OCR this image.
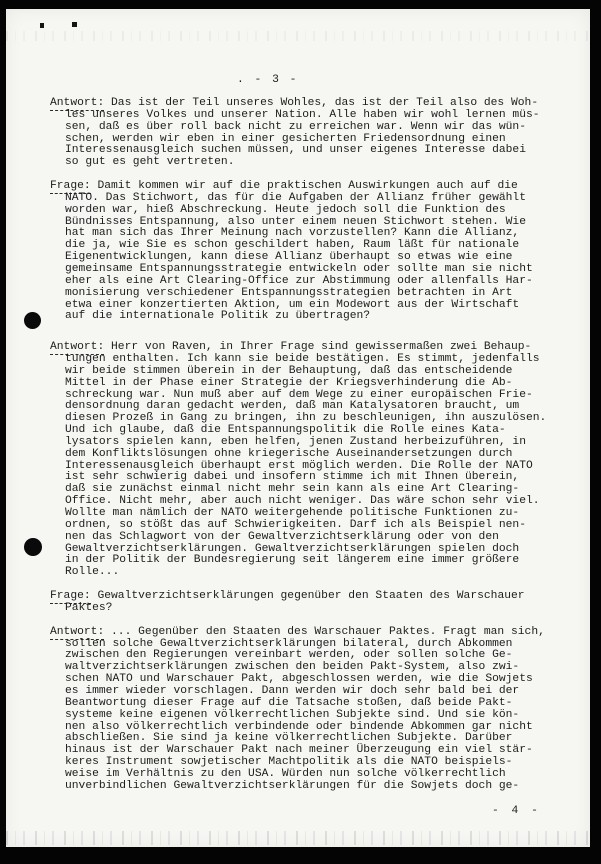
. - 3 -
Antwort: Das ist der Teil unseres Wohles, das ist der Teil also des Woh-
les unseres Volkes und unserer Nation. Alle haben wir wohl lernen müs-
sen, daß es über roll back nicht zu erreichen war. Wenn wir das wün-
schen, werden wir eben in einer gesicherten Friedensordnung einen
Interessenausgleich suchen müssen, und unser eigenes Interesse dabei
so gut es geht vertreten.
Frage: Damit kommen wir auf die praktischen Auswirkungen auch auf die
NATO. Das Stichwort, das für die Aufgaben der Allianz früher gewählt
worden war, hieß Abschreckung. Heute jedoch soll die Funktion des
Bündnisses Entspannung, also unter einem neuen Stichwort stehen. Wie
hat man sich das Ihrer Meinung nach vorzustellen? Kann die Allianz,
die ja, wie Sie es schon geschildert haben, Raum läßt für nationale
Eigenentwicklungen, kann diese Allianz überhaupt so etwas wie eine
gemeinsame Entspannungsstrategie entwickeln oder sollte man sie nicht
eher als eine Art Clearing-Office zur Abstimmung oder allenfalls Har-
monisierung verschiedener Entspannungsstrategien betrachten in Art
etwa einer konzertierten Aktion, um ein Modewort aus der Wirtschaft
auf die internationale Politik zu übertragen?
Antwort: Herr von Raven, in Ihrer Frage sind gewissermaßen zwei Behaup-
tungen enthalten. Ich kann sie beide bestätigen. Es stimmt, jedenfalls
wir beide stimmen überein in der Behauptung, daß das entscheidende
Mittel in der Phase einer Strategie der Kriegsverhinderung die Ab-
schreckung war. Nun muß aber auf dem Wege zu einer europäischen Frie-
densordnung daran gedacht werden, daß man Katalysatoren braucht, um
diesen Prozeß in Gang zu bringen, ihn zu beschleunigen, ihn auszulösen.
Und ich glaube, daß die Entspannungspolitik die Rolle eines Kata-
lysators spielen kann, eben helfen, jenen Zustand herbeizuführen, in
dem Konfliktslösungen ohne kriegerische Auseinandersetzungen durch
Interessenausgleich überhaupt erst möglich werden. Die Rolle der NATO
ist sehr schwierig dabei und insofern stimme ich mit Ihnen überein,
daß sie zunächst einmal nicht mehr sein kann als eine Art Clearing-
Office. Nicht mehr, aber auch nicht weniger. Das wäre schon sehr viel.
Wollte man nämlich der NATO weitergehende politische Funktionen zu-
ordnen, so stößt das auf Schwierigkeiten. Darf ich als Beispiel nen-
nen das Schlagwort von der Gewaltverzichtserklärung oder von den
Gewaltverzichtserklärungen. Gewaltverzichtserklärungen spielen doch
in der Politik der Bundesregierung seit längerem eine immer größere
Rolle...
Frage: Gewaltverzichtserklärungen gegenüber den Staaten des Warschauer
Paktes?
Antwort: ... Gegenüber den Staaten des Warschauer Paktes. Fragt man sich,
sollen solche Gewaltverzichtserklärungen bilateral, durch Abkommen
zwischen den Regierungen vereinbart werden, oder sollen solche Ge-
waltverzichtserklärungen zwischen den beiden Pakt-System, also zwi-
schen NATO und Warschauer Pakt, abgeschlossen werden, wie die Sowjets
es immer wieder vorschlagen. Dann werden wir doch sehr bald bei der
Beantwortung dieser Frage auf die Tatsache stoßen, daß beide Pakt-
systeme keine eigenen völkerrechtlichen Subjekte sind. Und sie kön-
nen also völkerrechtlich verbindende oder bindende Abkommen gar nicht
abschließen. Sie sind ja keine völkerrechtlichen Subjekte. Darüber
hinaus ist der Warschauer Pakt nach meiner Überzeugung ein viel stär-
keres Instrument sowjetischer Machtpolitik als die NATO beispiels-
weise im Verhältnis zu den USA. Würden nun solche völkerrechtlich
unverbindlichen Gewaltverzichtserklärungen für die Sowjets doch ge-
- 4 -
